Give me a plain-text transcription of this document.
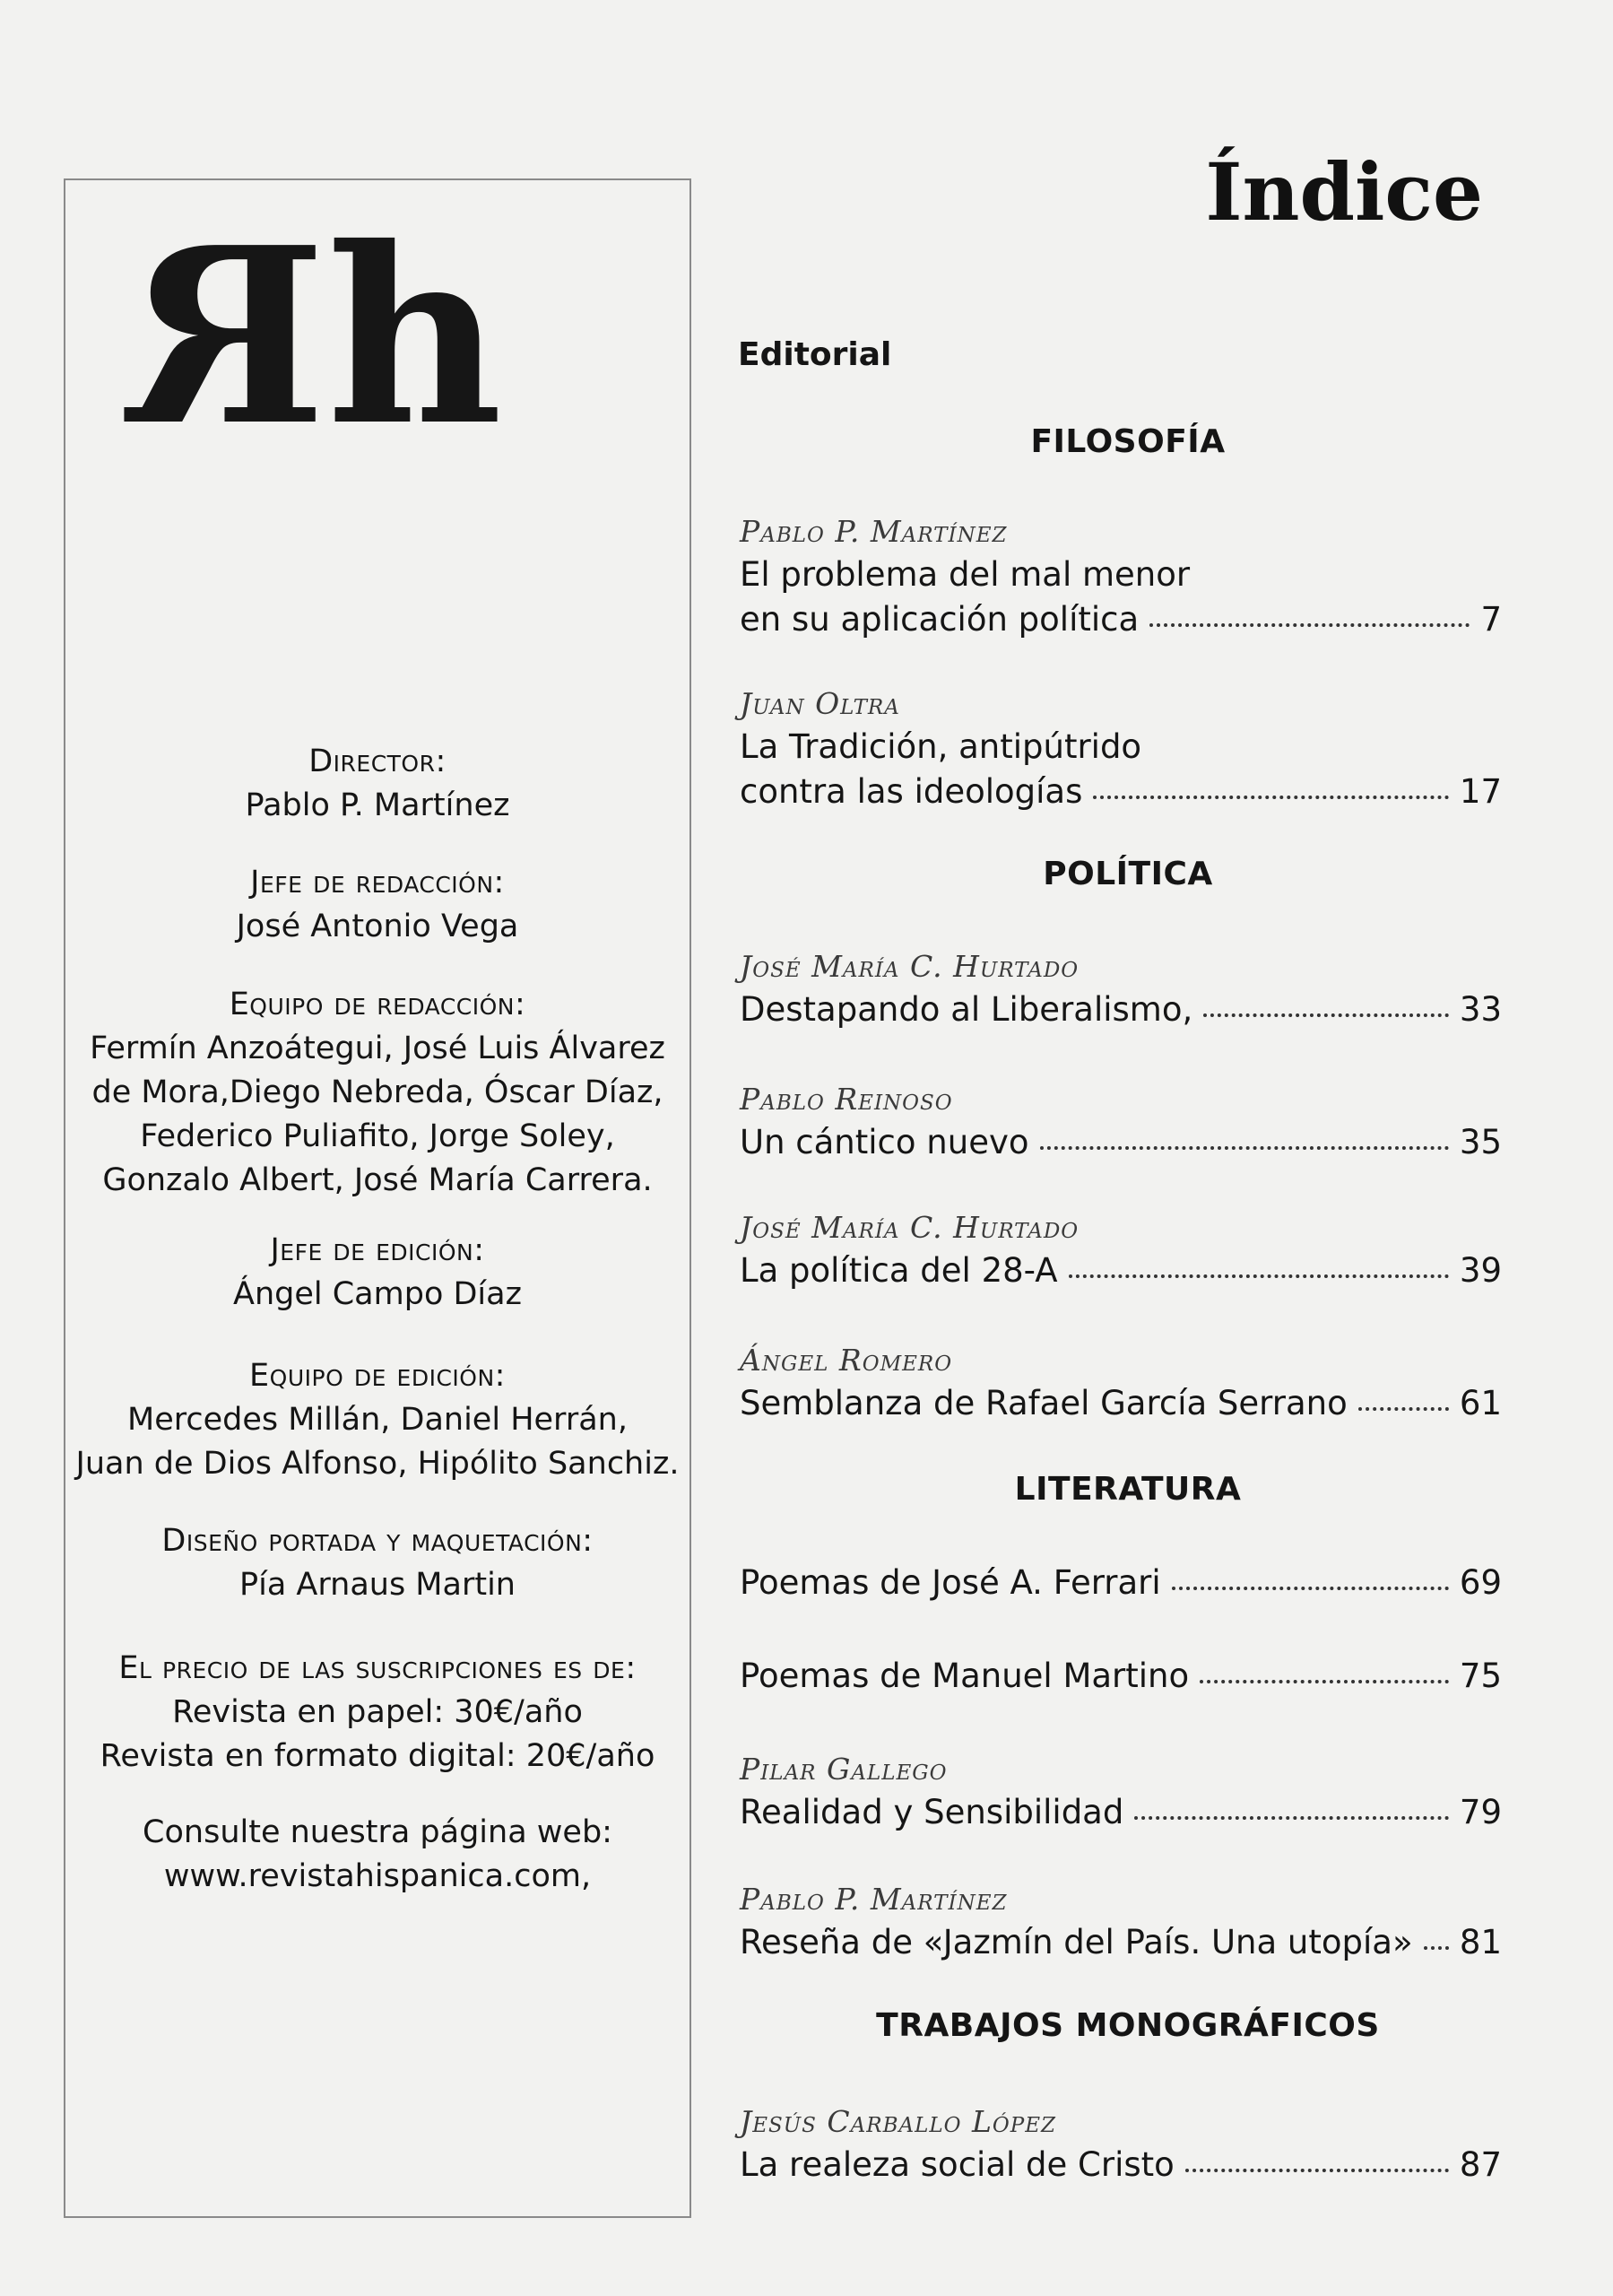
Rh
Director:
Pablo P. Martínez
Jefe de redacción:
José Antonio Vega
Equipo de redacción:
Fermín Anzoátegui, José Luis Álvarez
de Mora,Diego Nebreda, Óscar Díaz,
Federico Puliafito, Jorge Soley,
Gonzalo Albert, José María Carrera.
Jefe de edición:
Ángel Campo Díaz
Equipo de edición:
Mercedes Millán, Daniel Herrán,
Juan de Dios Alfonso, Hipólito Sanchiz.
Diseño portada y maquetación:
Pía Arnaus Martin
El precio de las suscripciones es de:
Revista en papel: 30€/año
Revista en formato digital: 20€/año
Consulte nuestra página web:
www.revistahispanica.com,
Índice
Editorial
FILOSOFÍA
Pablo P. Martínez
El problema del mal menor
en su aplicación política	7
Juan Oltra
La Tradición, antipútrido
contra las ideologías	17
POLÍTICA
José María C. Hurtado
Destapando al Liberalismo,	33
Pablo Reinoso
Un cántico nuevo	35
José María C. Hurtado
La política del 28-A	39
Ángel Romero
Semblanza de Rafael García Serrano	61
LITERATURA
Poemas de José A. Ferrari	69
Poemas de Manuel Martino	75
Pilar Gallego
Realidad y Sensibilidad	79
Pablo P. Martínez
Reseña de «Jazmín del País. Una utopía» 81
TRABAJOS MONOGRÁFICOS
Jesús Carballo López
La realeza social de Cristo	87
